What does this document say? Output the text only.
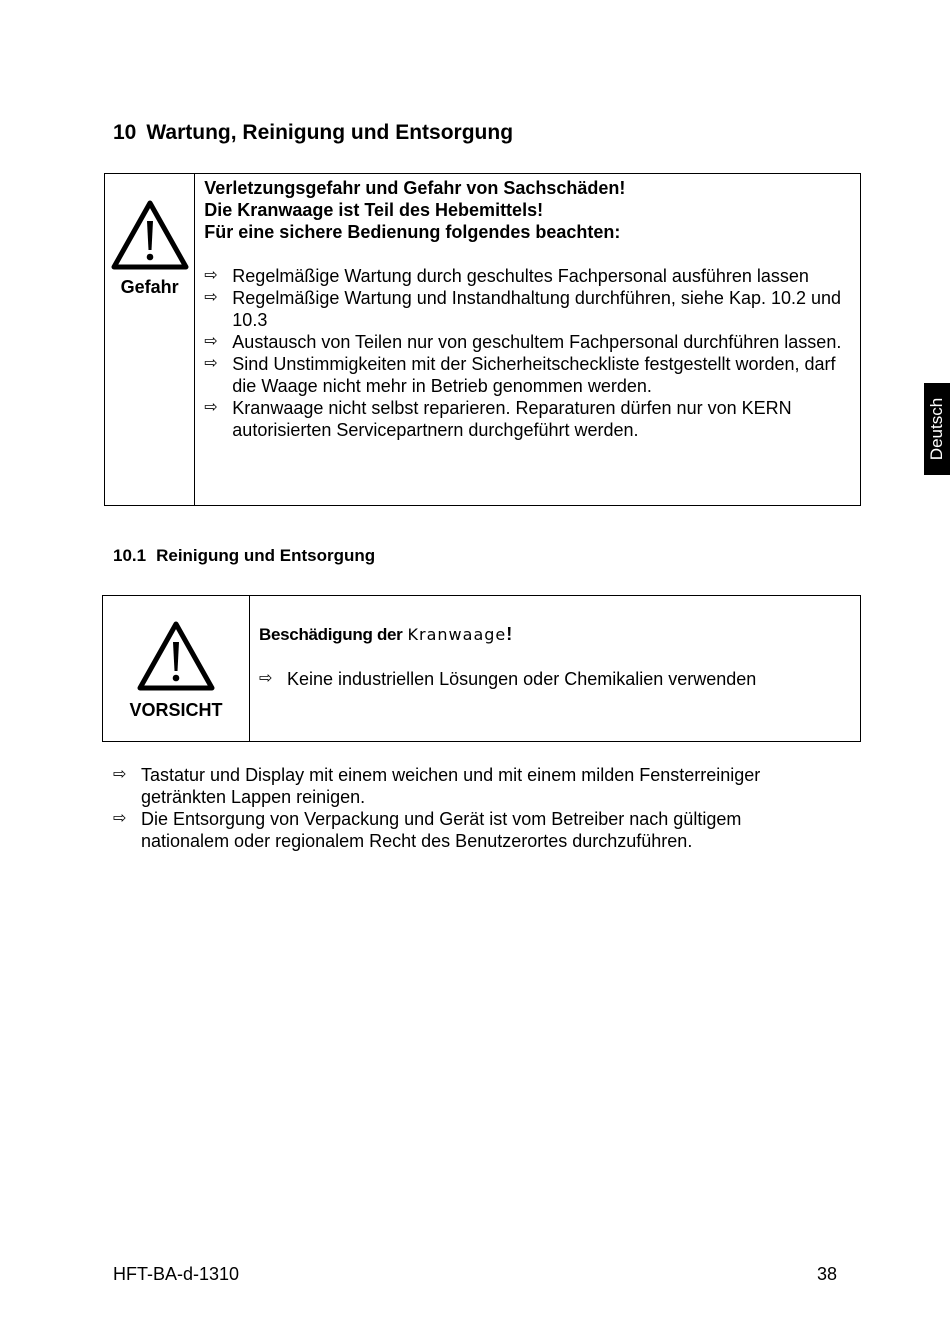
10 Wartung, Reinigung und Entsorgung
Gefahr
Verletzungsgefahr und Gefahr von Sachschäden!
Die Kranwaage ist Teil des Hebemittels!
Für eine sichere Bedienung folgendes beachten:
⇨ Regelmäßige Wartung durch geschultes Fachpersonal ausführen lassen
⇨ Regelmäßige Wartung und Instandhaltung durchführen, siehe Kap. 10.2 und 10.3
⇨ Austausch von Teilen nur von geschultem Fachpersonal durchführen lassen.
⇨ Sind Unstimmigkeiten mit der Sicherheitscheckliste festgestellt worden, darf die Waage nicht mehr in Betrieb genommen werden.
⇨ Kranwaage nicht selbst reparieren. Reparaturen dürfen nur von KERN autorisierten Servicepartnern durchgeführt werden.
10.1 Reinigung und Entsorgung
VORSICHT
Beschädigung der Kranwaage!
⇨ Keine industriellen Lösungen oder Chemikalien verwenden
⇨ Tastatur und Display mit einem weichen und mit einem milden Fensterreiniger getränkten Lappen reinigen.
⇨ Die Entsorgung von Verpackung und Gerät ist vom Betreiber nach gültigem nationalem oder regionalem Recht des Benutzerortes durchzuführen.
Deutsch
HFT-BA-d-1310	38
